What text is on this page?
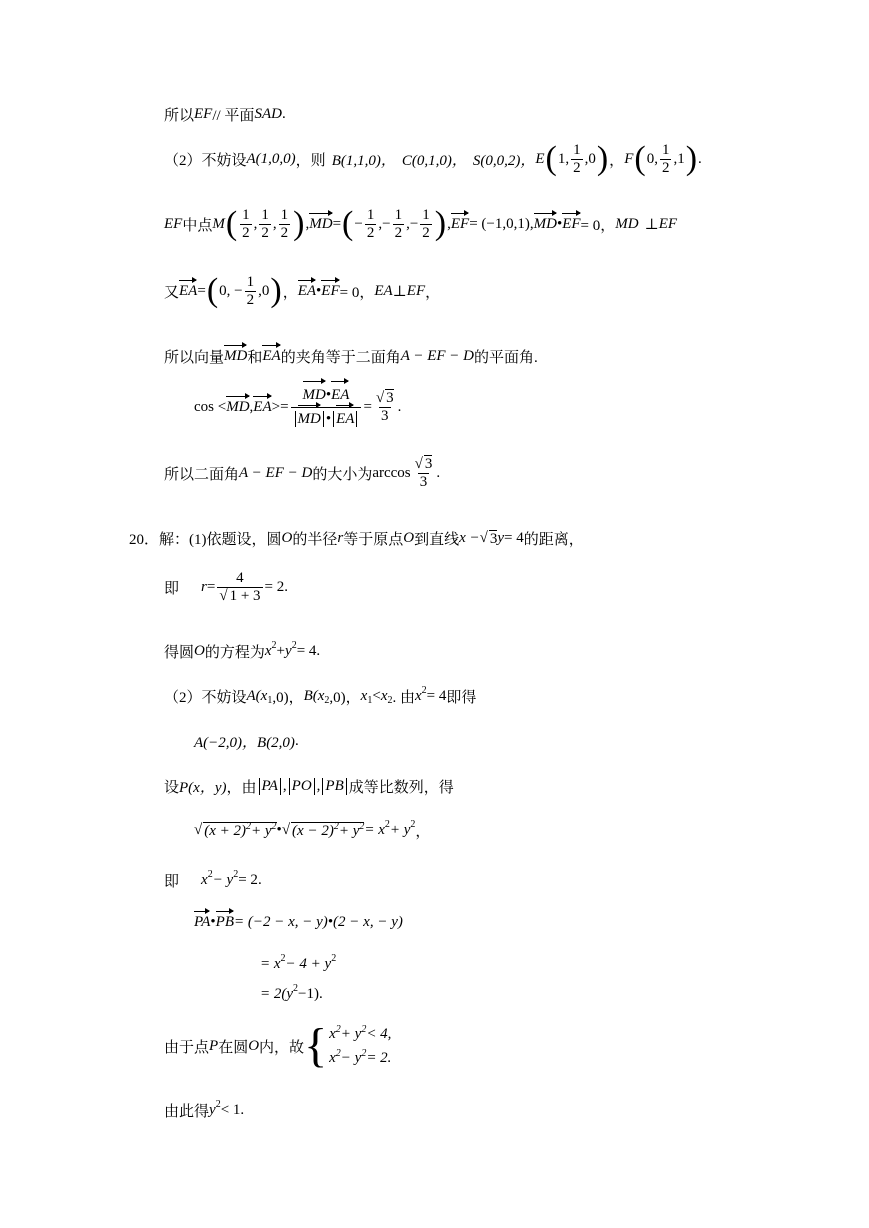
所以 EF // 平面 SAD .
（2）不妨设 A(1,0,0) ，则 B(1,1,0)， C(0,1,0)， S(0,0,2)， E ( 1, $\frac{1}{2} ,0$ ) ， F ( 0, $\frac{1}{2} ,1$ ) .
EF 中点 M ( $\frac{1}{2}$ , $\frac{1}{2}$ , $\frac{1}{2}$ ) , MD = ( − $\frac{1}{2}$ , − $\frac{1}{2}$ , − $\frac{1}{2}$ ) , EF = (−1,0,1), MD • EF = 0， MD ⊥ EF
又 EA = ( 0, − $\frac{1}{2} ,0$ ) ， EA • EF = 0， EA ⊥ EF ，
所以向量 MD 和 EA 的夹角等于二面角 A − EF − D 的平面角.
cos < MD , EA >= $\frac{MD•EA}{MD • EA} = \frac{√ 3}{3}$ .
所以二面角 A − EF − D 的大小为 $\arccos \frac{√ 3}{3}$ .
20．解：(1)依题设，圆 O 的半径 r 等于原点 O 到直线 x − √ 3 y = 4 的距离，
即 $r = \frac{4}{√ 1 + 3} = 2$ .
得圆 O 的方程为 x 2 + y 2 = 4 .
（2）不妨设 A(x 1 ,0)， B(x 2 ,0)， x 1 < x 2 . 由 x 2 = 4 即得
A(−2,0)，B(2,0) .
设 P(x，y) ，由 PA , PO , PB 成等比数列，得
√ $(x + 2)^2+ y^2$ • √ $(x - 2)^2+ y^2 = x$ 2 + y 2 ，
即 x 2 − y 2 = 2 .
PA • PB = (−2 − x, − y)•(2 − x, − y)
= x 2 − 4 + y 2
= 2(y 2 −1).
由于点 P 在圆 O 内，故 { $x^2+ y^2< 4$,
$x^2- y^2= 2$.
由此得 y 2 < 1 .
